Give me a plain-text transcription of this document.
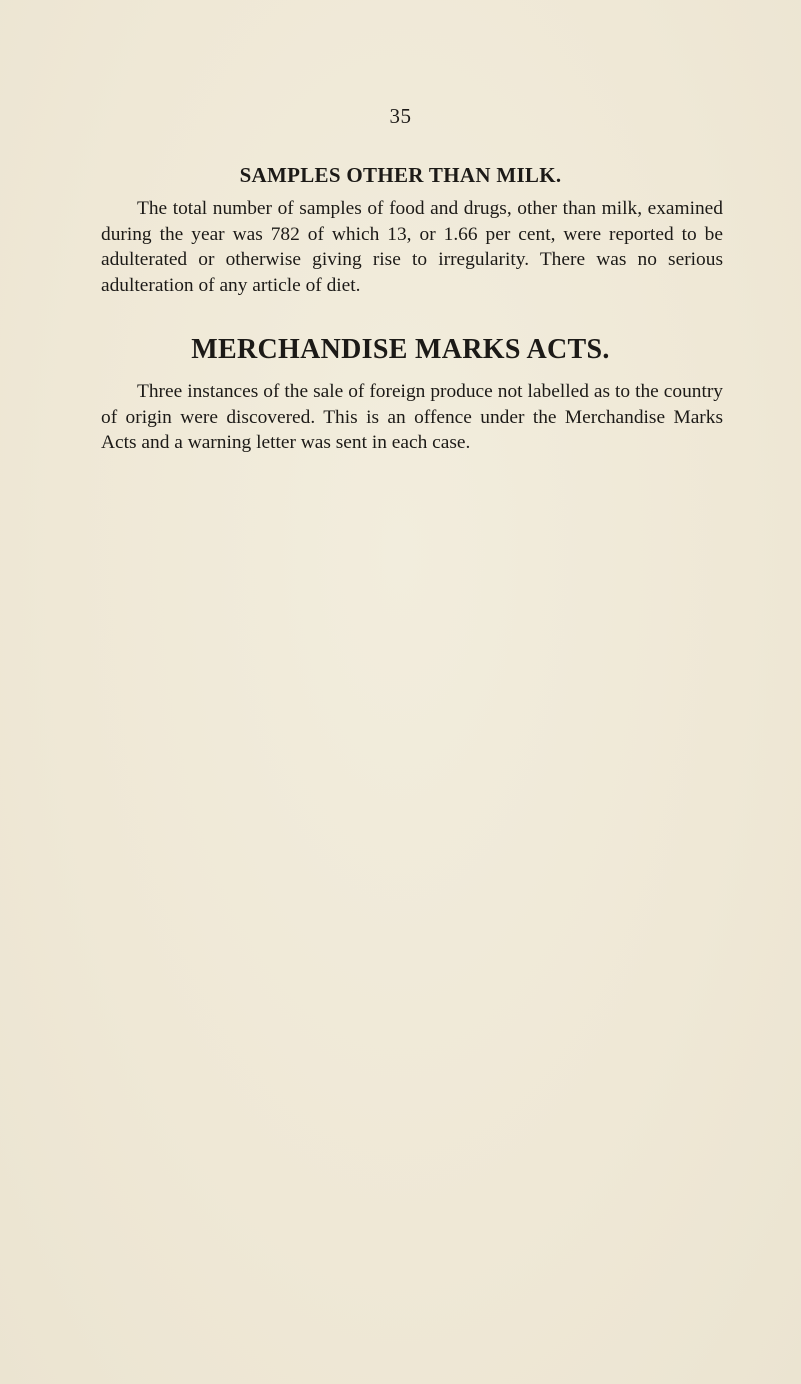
35
SAMPLES OTHER THAN MILK.
The total number of samples of food and drugs, other than milk, examined during the year was 782 of which 13, or 1.66 per cent, were reported to be adulterated or otherwise giving rise to irregularity. There was no serious adulteration of any article of diet.
MERCHANDISE MARKS ACTS.
Three instances of the sale of foreign produce not labelled as to the country of origin were discovered. This is an offence under the Merchandise Marks Acts and a warning letter was sent in each case.
